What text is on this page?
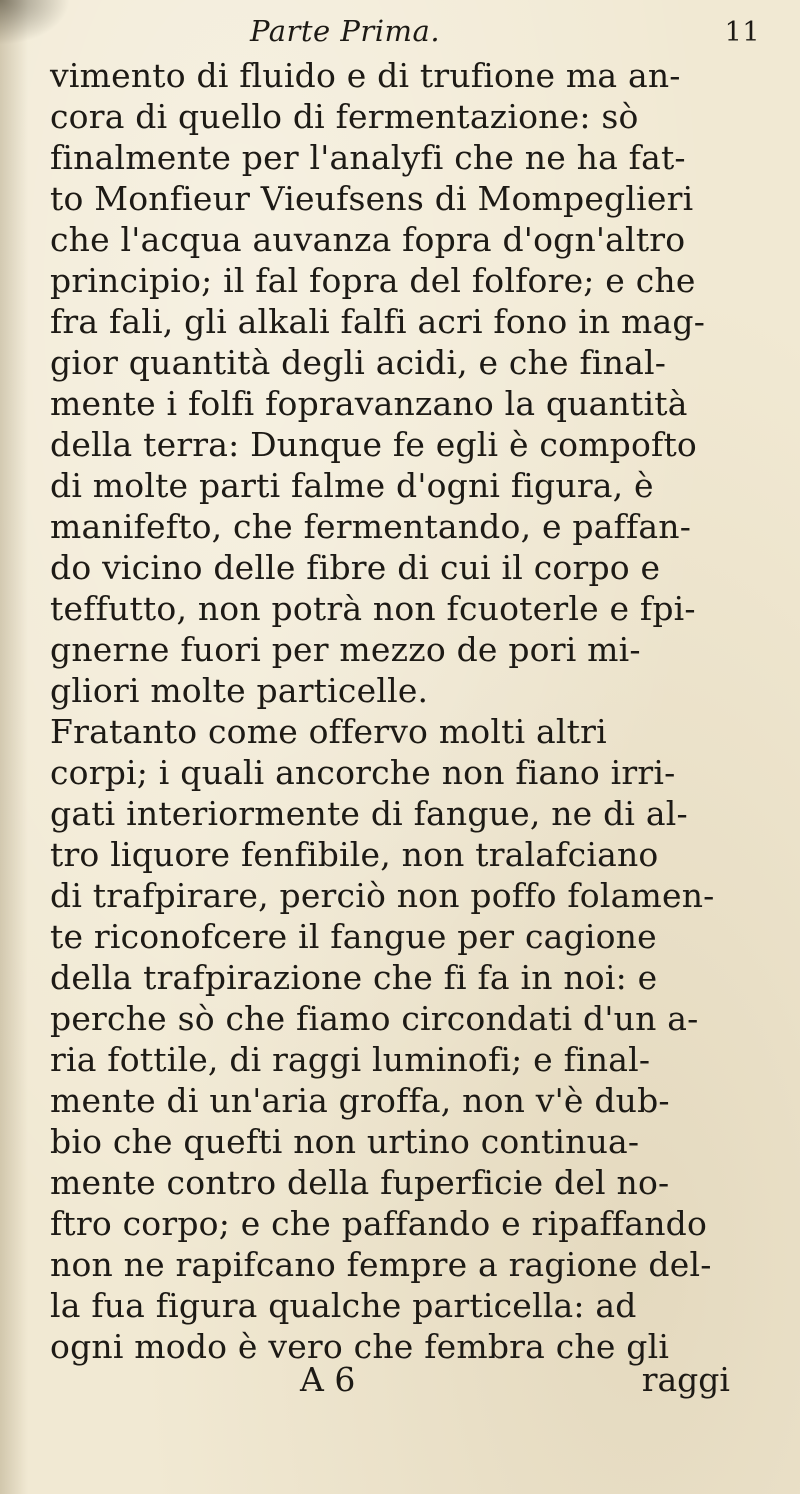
Parte Prima.	11
vimento di fluido e di trufione ma an-
cora di quello di fermentazione: sò
finalmente per l'analyfi che ne ha fat-
to Monfieur Vieufsens di Mompeglieri
che l'acqua auvanza fopra d'ogn'altro
principio; il fal fopra del folfore; e che
fra fali, gli alkali falfi acri fono in mag-
gior quantità degli acidi, e che final-
mente i folfi fopravanzano la quantità
della terra: Dunque fe egli è compofto
di molte parti falme d'ogni figura, è
manifefto, che fermentando, e paffan-
do vicino delle fibre di cui il corpo e
teffutto, non potrà non fcuoterle e fpi-
gnerne fuori per mezzo de pori mi-
gliori molte particelle.
Fratanto come offervo molti altri
corpi; i quali ancorche non fiano irri-
gati interiormente di fangue, ne di al-
tro liquore fenfibile, non tralafciano
di trafpirare, perciò non poffo folamen-
te riconofcere il fangue per cagione
della trafpirazione che fi fa in noi: e
perche sò che fiamo circondati d'un a-
ria fottile, di raggi luminofi; e final-
mente di un'aria groffa, non v'è dub-
bio che quefti non urtino continua-
mente contro della fuperficie del no-
ftro corpo; e che paffando e ripaffando
non ne rapifcano fempre a ragione del-
la fua figura qualche particella: ad
ogni modo è vero che fembra che gli
A 6	raggi
